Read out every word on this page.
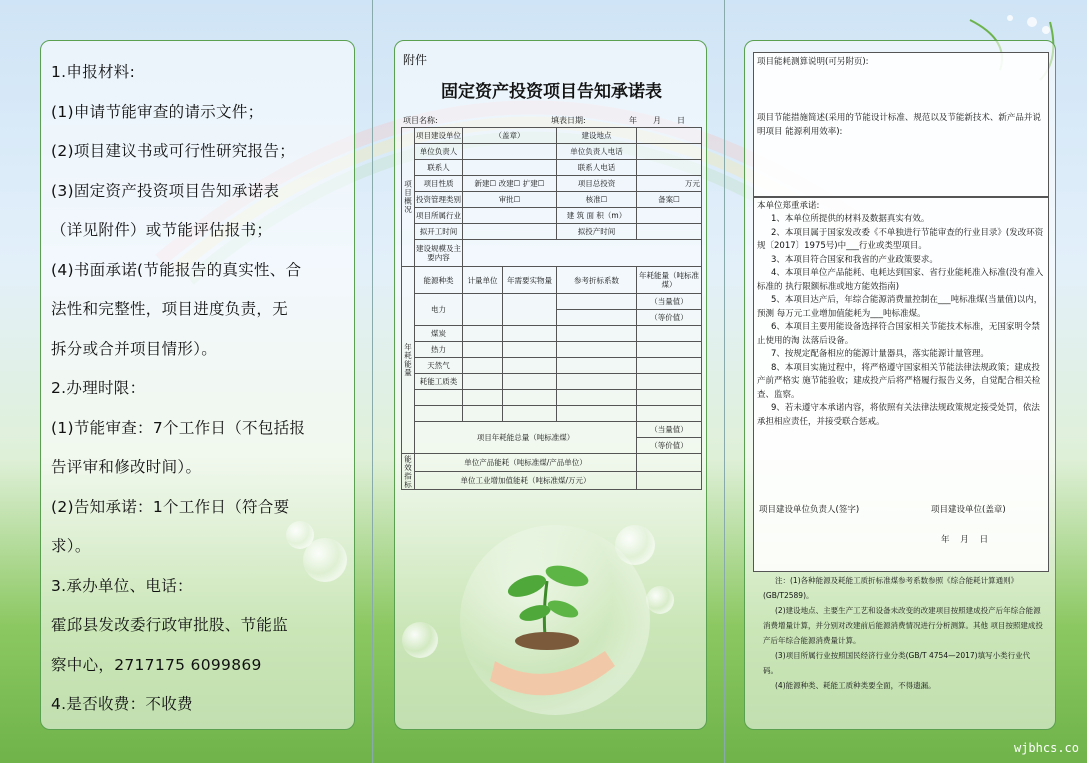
1.申报材料:
(1)申请节能审查的请示文件；
(2)项目建议书或可行性研究报告；
(3)固定资产投资项目告知承诺表
（详见附件）或节能评估报书；
(4)书面承诺(节能报告的真实性、合
法性和完整性，项目进度负责，无
拆分或合并项目情形）。
2.办理时限：
(1)节能审查：7个工作日（不包括报
告评审和修改时间）。
(2)告知承诺：1个工作日（符合要
求）。
3.承办单位、电话：
霍邱县发改委行政审批股、节能监
察中心，2717175 6099869
4.是否收费：不收费
附件
固定资产投资项目告知承诺表
项目名称:	填表日期:	年 月 日
项目概况	项目建设单位	（盖章）		建设地点	
	单位负责人			单位负责人电话	
	联系人			联系人电话	
	项目性质	新建☐ 改建☐ 扩建☐		项目总投资	万元
	投资管理类别	审批☐		核准☐	备案☐
	项目所属行业			建 筑 面 积（m）	
	拟开工时间			拟投产时间	
	建设规模及主要内容				
年耗能量	能源种类	计量单位	年需要实物量	参考折标系数	年耗能量（吨标准煤）
	电力				（当量值）
					（等价值）
	煤炭				
	热力				
	天然气				
	耗能工质类				

	项目年耗能总量（吨标准煤）				（当量值）
					（等价值）
能效指标	单位产品能耗（吨标准煤/产品单位）				
	单位工业增加值能耗（吨标准煤/万元）				
项目能耗测算说明(可另附页):
项目节能措施简述(采用的节能设计标准、规范以及节能新技术、新产品并说明项目 能源利用效率):
本单位郑重承诺:
1、本单位所提供的材料及数据真实有效。
2、本项目属于国家发改委《不单独进行节能审查的行业目录》(发改环资规〔2017〕1975号)中___行业或类型项目。
3、本项目符合国家和我省的产业政策要求。
4、本项目单位产品能耗、电耗达到国家、省行业能耗准入标准(没有准入标准的 执行限额标准或地方能效指南)
5、本项目达产后，年综合能源消费量控制在___吨标准煤(当量值)以内，预测 每万元工业增加值能耗为___吨标准煤。
6、本项目主要用能设备选择符合国家相关节能技术标准，无国家明令禁止使用的淘 汰落后设备。
7、按规定配备相应的能源计量器具，落实能源计量管理。
8、本项目实施过程中，将严格遵守国家相关节能法律法规政策；建成投产前严格实 施节能验收；建成投产后将严格履行报告义务，自觉配合相关检查、监察。
9、若未遵守本承诺内容，将依照有关法律法规政策规定接受处罚，依法承担相应责任，并接受联合惩戒。
项目建设单位负责人(签字)	项目建设单位(盖章)
年    月    日
注：(1)各种能源及耗能工质折标准煤参考系数参照《综合能耗计算通则》(GB/T2589)。
(2)建设地点、主要生产工艺和设备未改变的改建项目按照建成投产后年综合能源消费增量计算，并分别对改建前后能源消费情况进行分析测算。其他 项目按照建成投产后年综合能源消费量计算。
(3)项目所属行业按照国民经济行业分类(GB/T 4754—2017)填写小类行业代码。
(4)能源种类、耗能工质种类要全面，不得遗漏。
wjbhcs.co
